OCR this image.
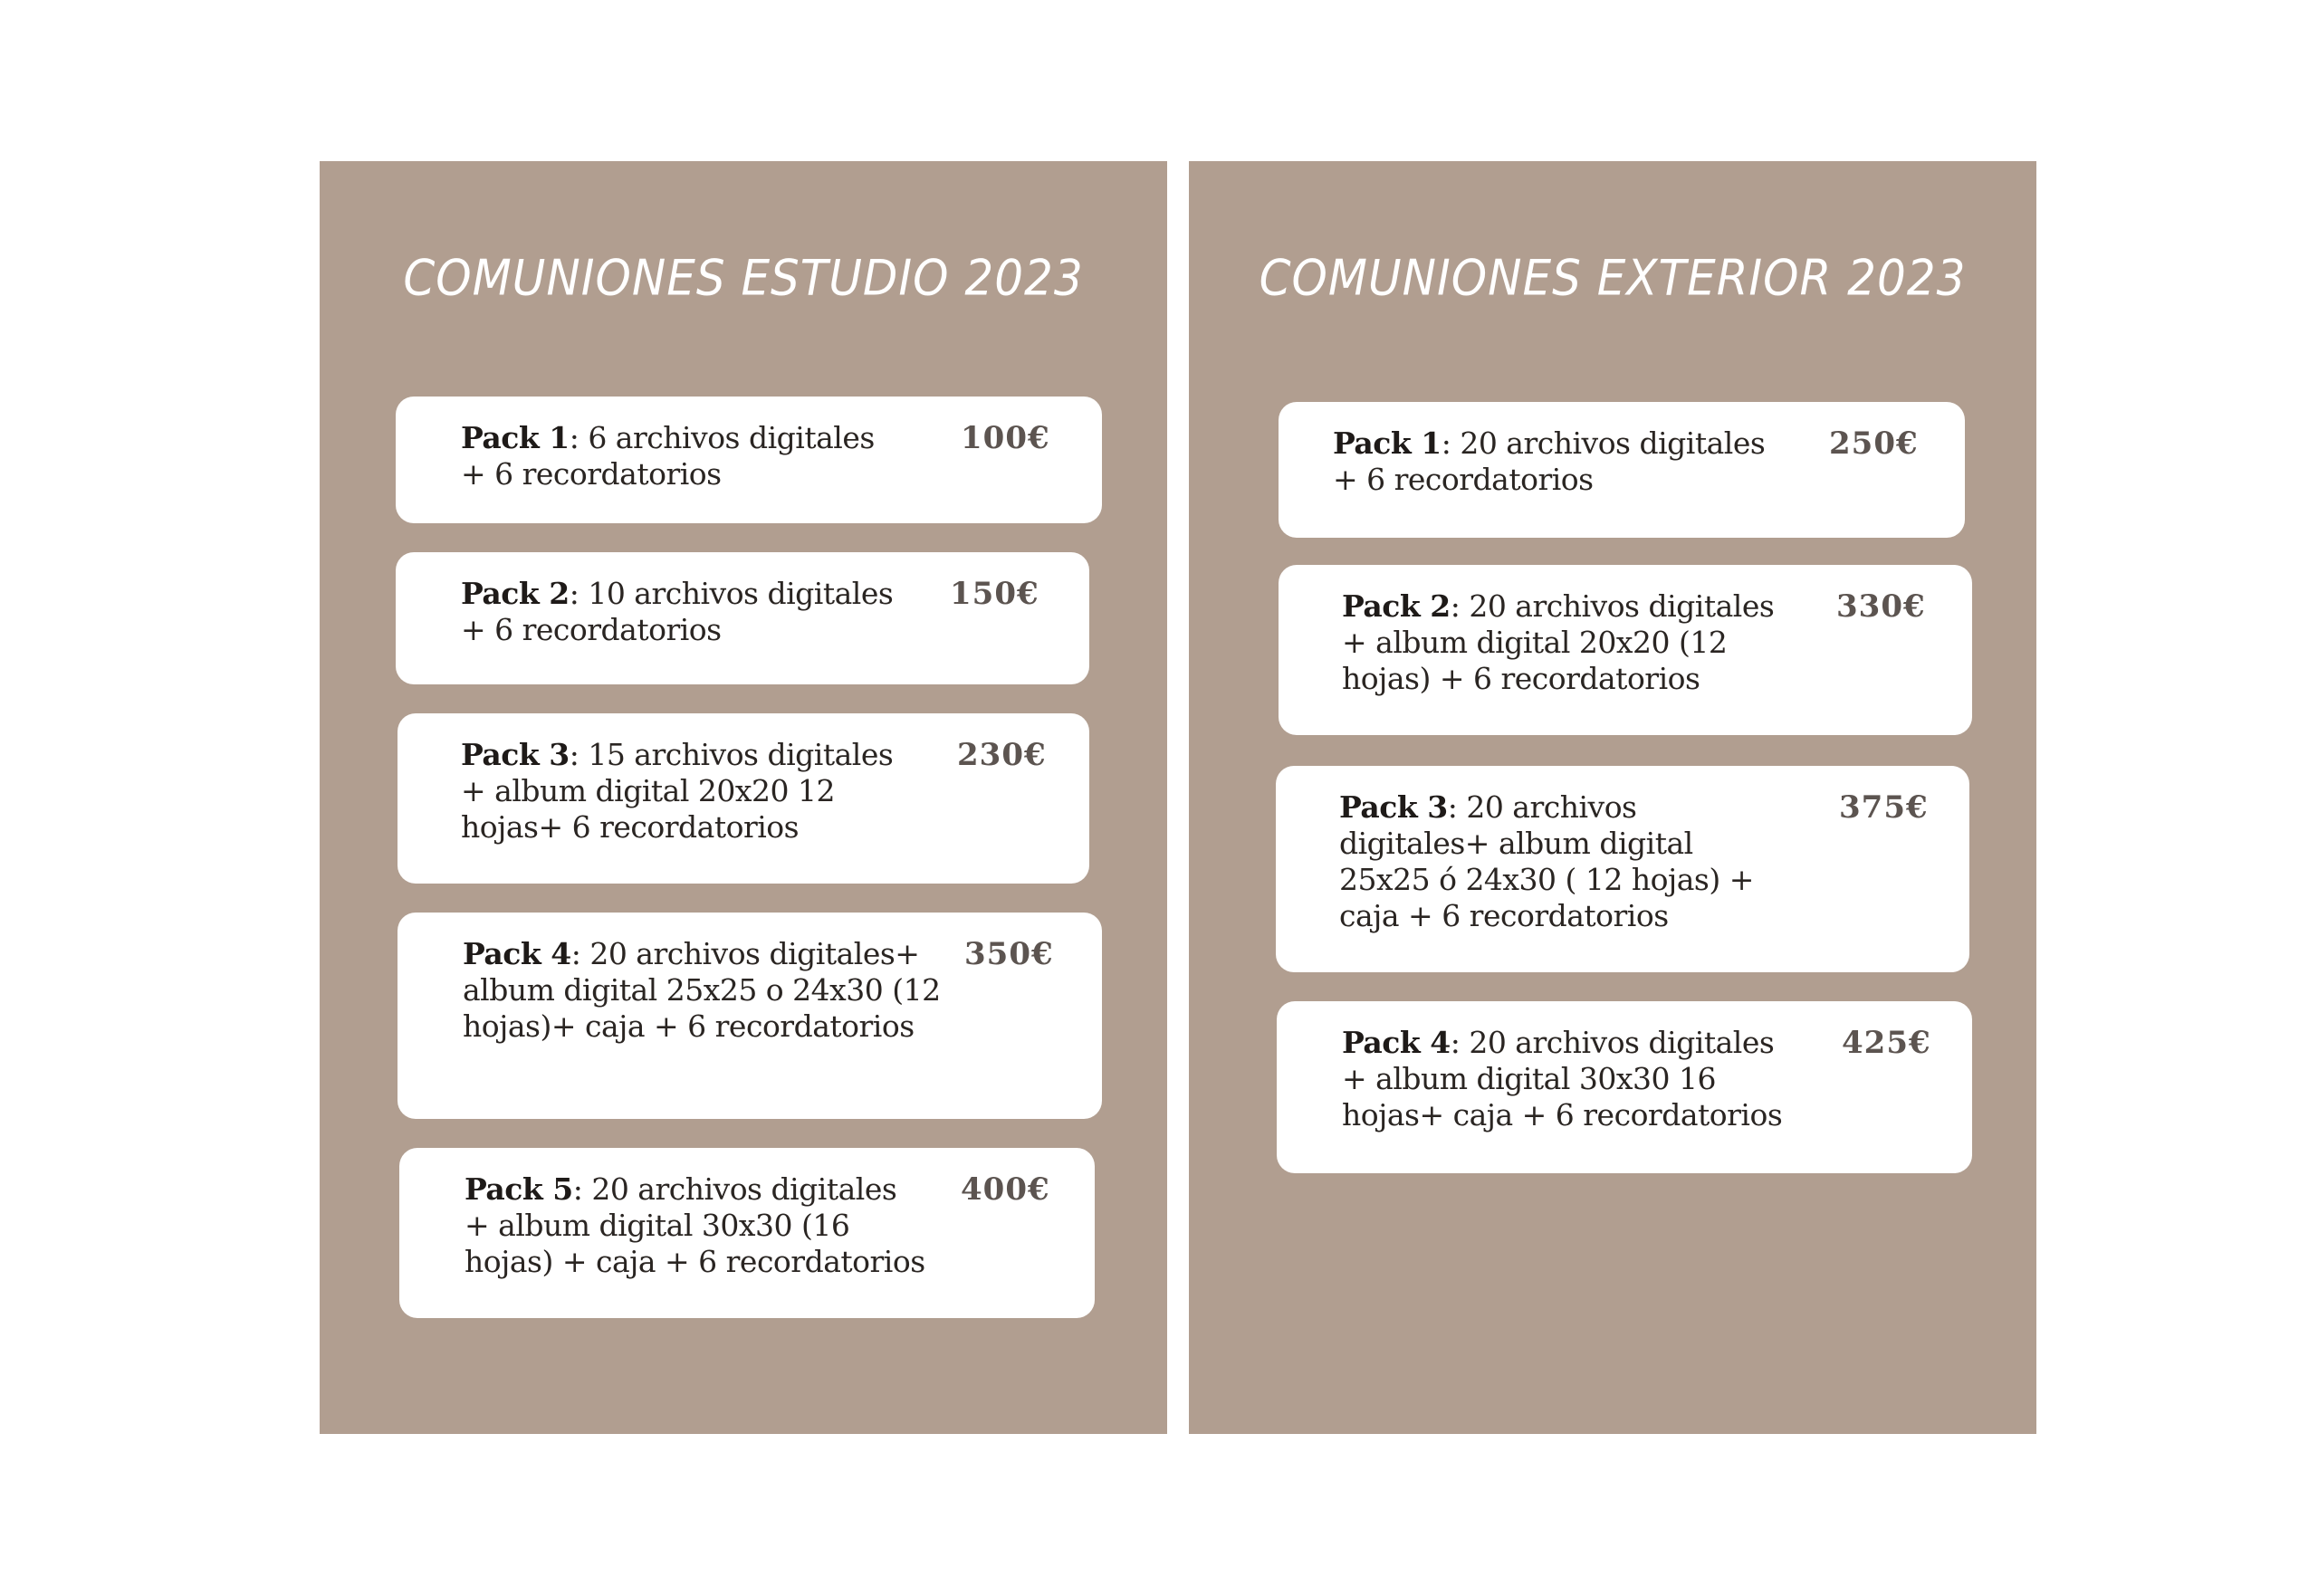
COMUNIONES ESTUDIO 2023
Pack 1: 6 archivos digitales + 6 recordatorios
100€
Pack 2: 10 archivos digitales + 6 recordatorios
150€
Pack 3: 15 archivos digitales + album digital 20x20 12 hojas+ 6 recordatorios
230€
Pack 4: 20 archivos digitales+ album digital 25x25 o 24x30 (12 hojas)+ caja + 6 recordatorios
350€
Pack 5: 20 archivos digitales + album digital 30x30 (16 hojas) + caja + 6 recordatorios
400€
COMUNIONES EXTERIOR 2023
Pack 1: 20 archivos digitales + 6 recordatorios
250€
Pack 2: 20 archivos digitales + album digital 20x20 (12 hojas) + 6 recordatorios
330€
Pack 3: 20 archivos digitales+ album digital 25x25 ó 24x30 ( 12 hojas) + caja + 6 recordatorios
375€
Pack 4: 20 archivos digitales + album digital 30x30 16 hojas+ caja + 6 recordatorios
425€
